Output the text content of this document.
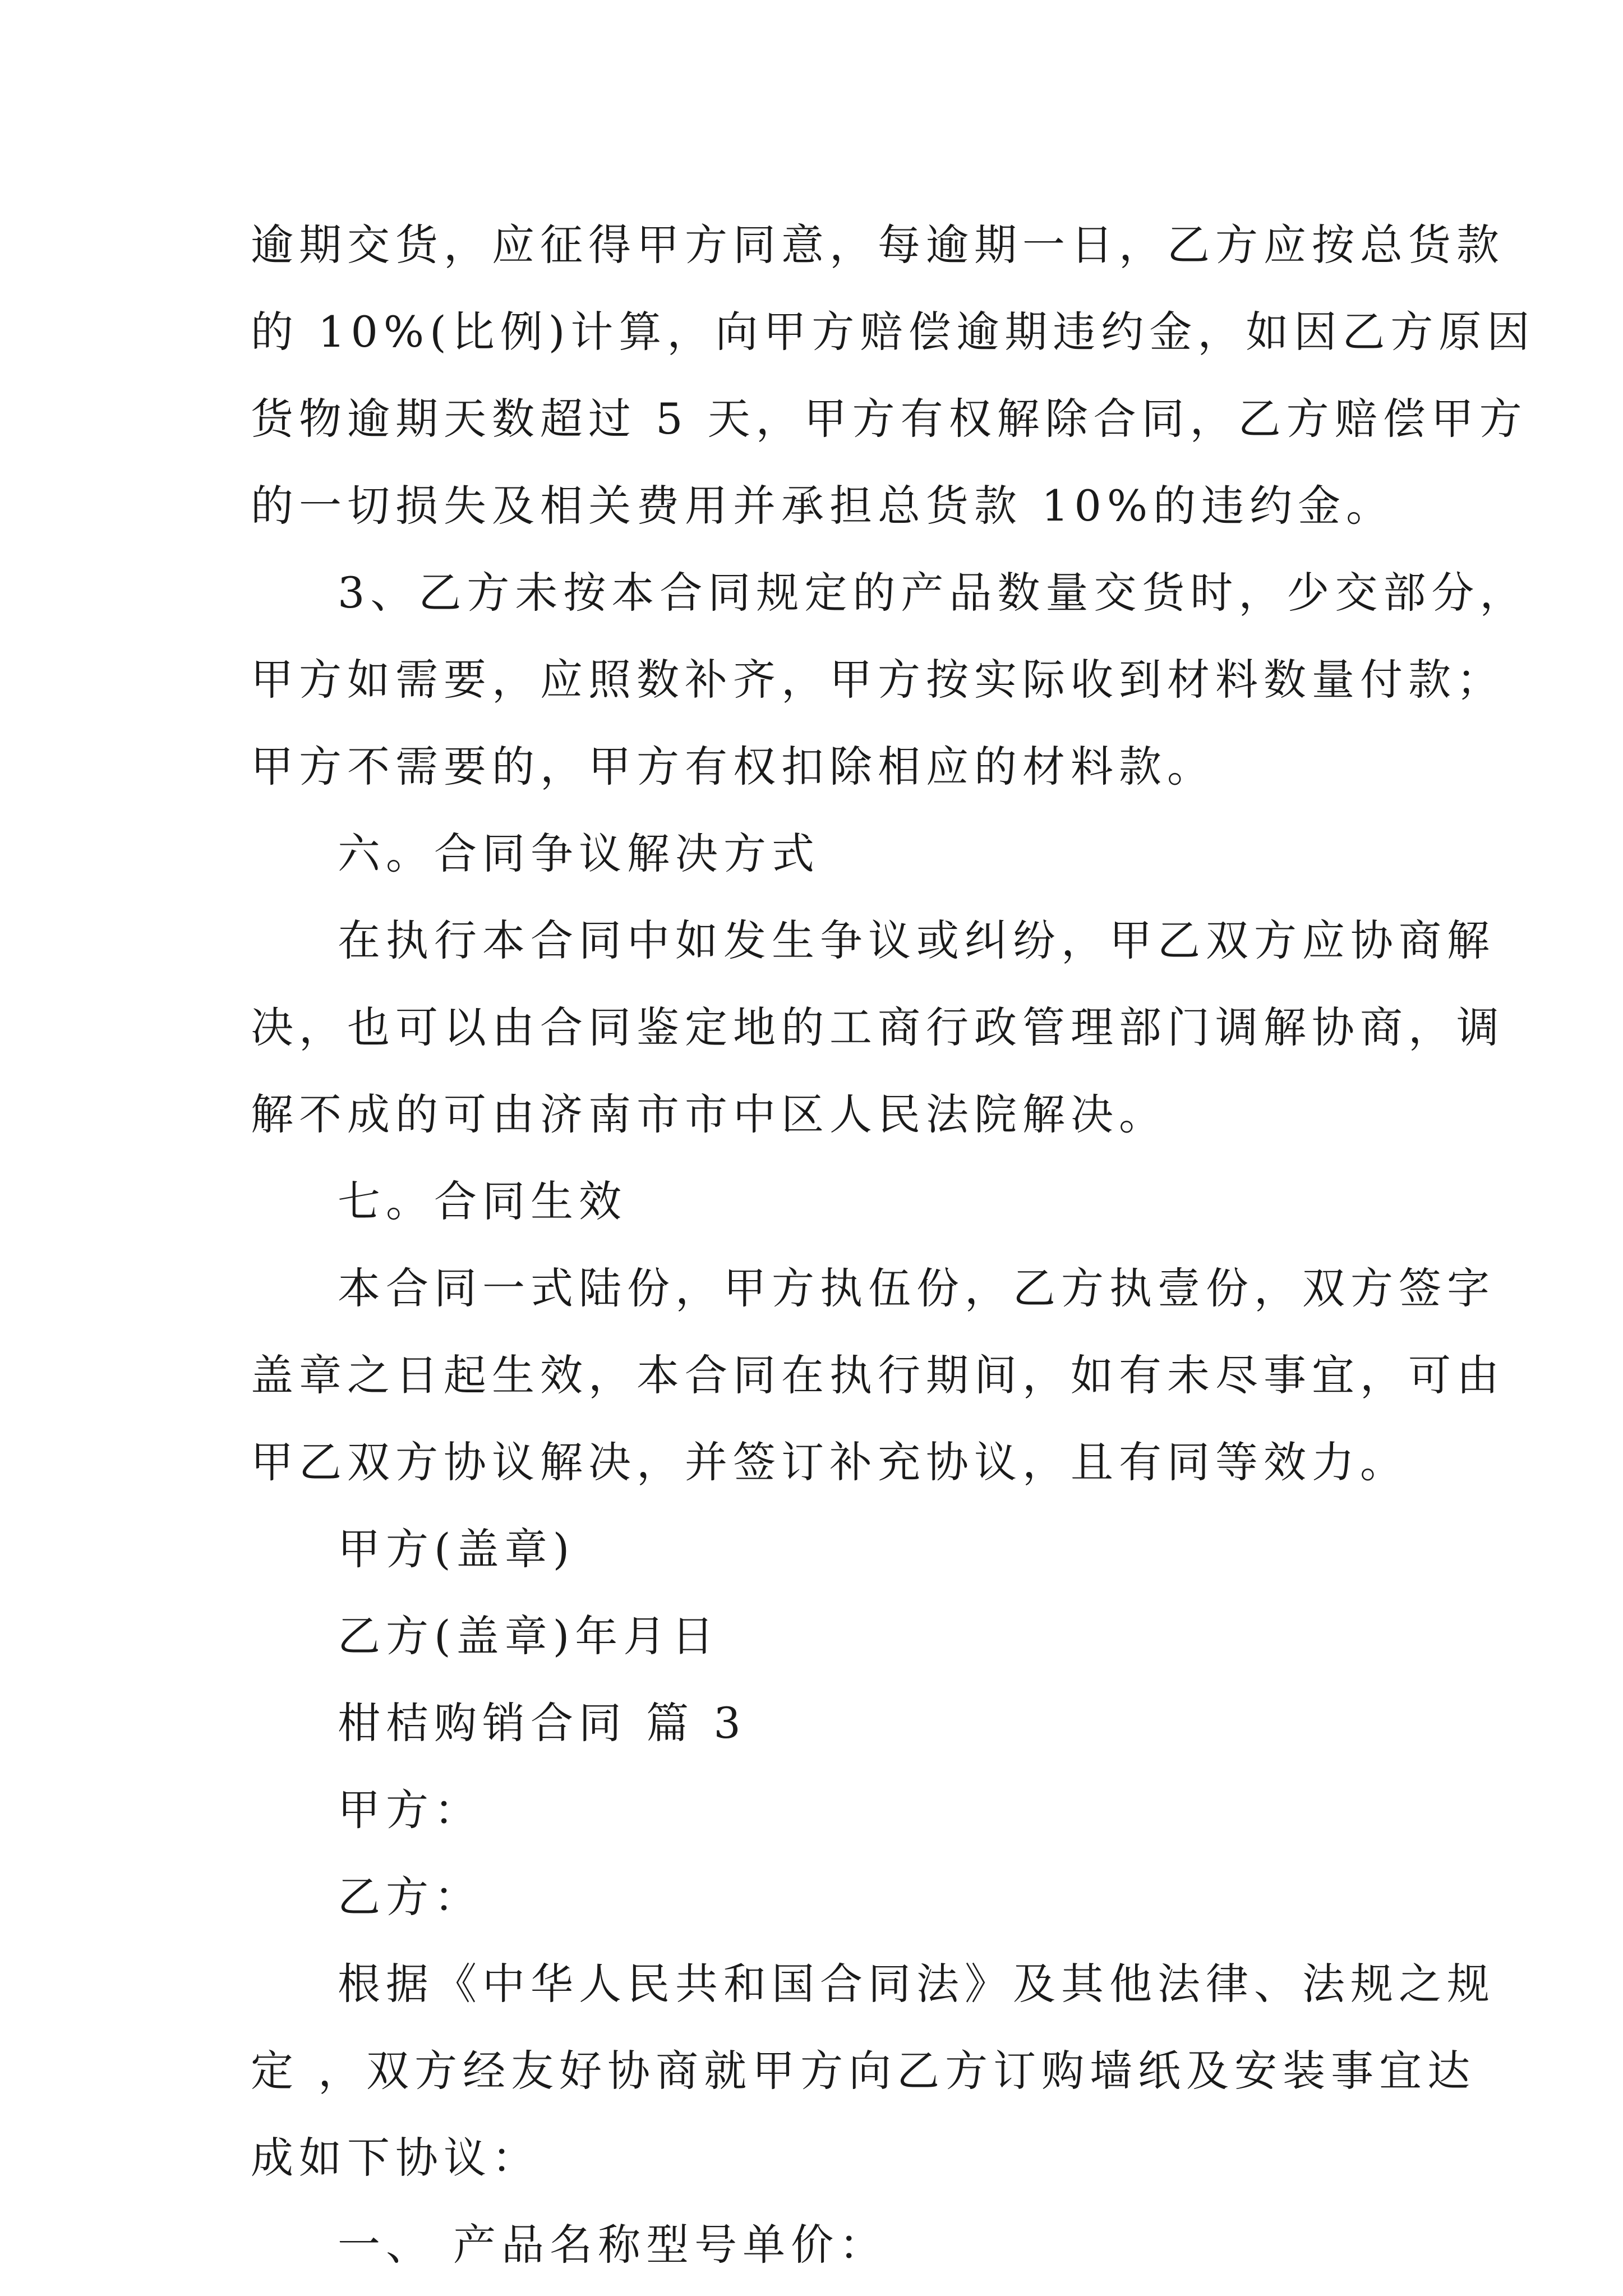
逾期交货，应征得甲方同意，每逾期一日，乙方应按总货款
的 10%(比例)计算，向甲方赔偿逾期违约金，如因乙方原因
货物逾期天数超过 5 天，甲方有权解除合同，乙方赔偿甲方
的一切损失及相关费用并承担总货款 10%的违约金。
3、乙方未按本合同规定的产品数量交货时，少交部分，
甲方如需要，应照数补齐，甲方按实际收到材料数量付款；
甲方不需要的，甲方有权扣除相应的材料款。
六。合同争议解决方式
在执行本合同中如发生争议或纠纷，甲乙双方应协商解
决，也可以由合同鉴定地的工商行政管理部门调解协商，调
解不成的可由济南市市中区人民法院解决。
七。合同生效
本合同一式陆份，甲方执伍份，乙方执壹份，双方签字
盖章之日起生效，本合同在执行期间，如有未尽事宜，可由
甲乙双方协议解决，并签订补充协议，且有同等效力。
甲方(盖章)
乙方(盖章)年月日
柑桔购销合同 篇 3
甲方：
乙方：
根据《中华人民共和国合同法》及其他法律、法规之规
定 ，双方经友好协商就甲方向乙方订购墙纸及安装事宜达
成如下协议：
一、 产品名称型号单价：
